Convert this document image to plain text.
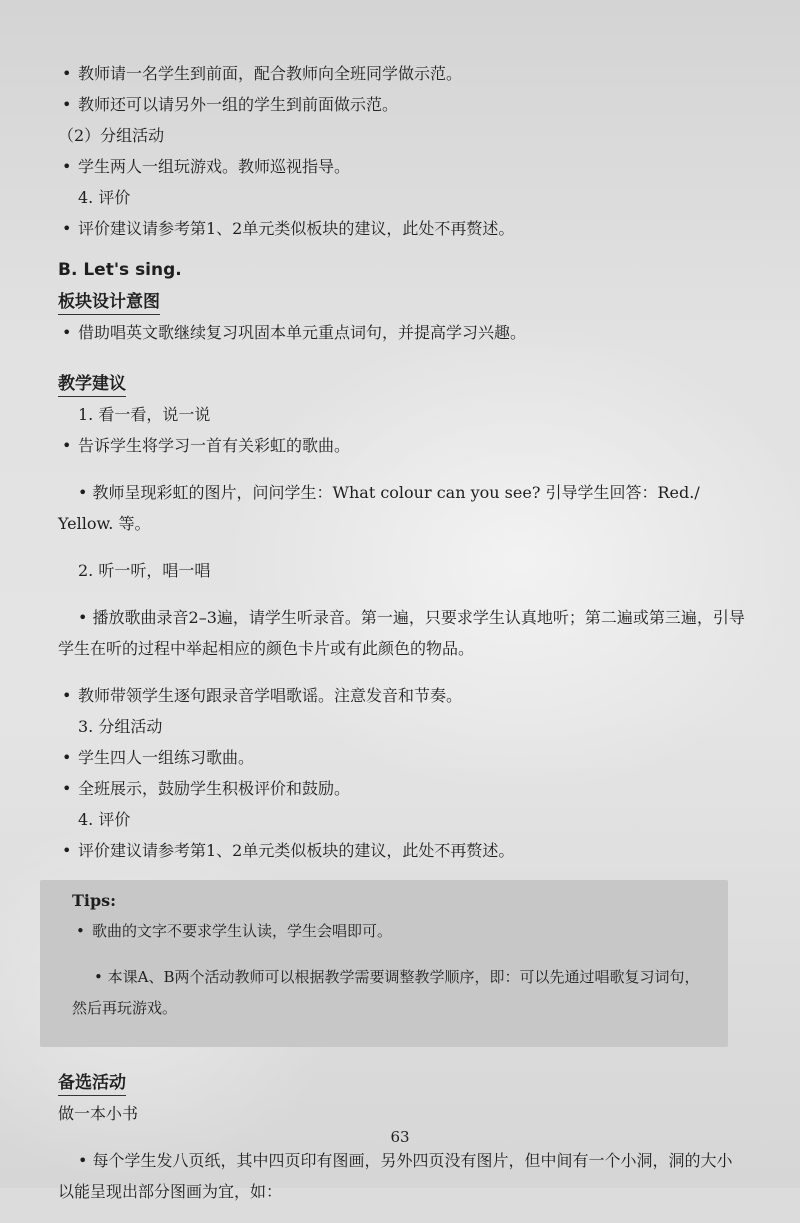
• 教师请一名学生到前面，配合教师向全班同学做示范。

• 教师还可以请另外一组的学生到前面做示范。

（2）分组活动

• 学生两人一组玩游戏。教师巡视指导。

4. 评价

• 评价建议请参考第1、2单元类似板块的建议，此处不再赘述。

B. Let's sing.

板块设计意图

• 借助唱英文歌继续复习巩固本单元重点词句，并提高学习兴趣。

教学建议

1. 看一看，说一说

• 告诉学生将学习一首有关彩虹的歌曲。

• 教师呈现彩虹的图片，问问学生：What colour can you see? 引导学生回答：Red./ Yellow. 等。

2. 听一听，唱一唱

• 播放歌曲录音2–3遍，请学生听录音。第一遍，只要求学生认真地听；第二遍或第三遍，引导学生在听的过程中举起相应的颜色卡片或有此颜色的物品。

• 教师带领学生逐句跟录音学唱歌谣。注意发音和节奏。

3. 分组活动

• 学生四人一组练习歌曲。

• 全班展示，鼓励学生积极评价和鼓励。

4. 评价

• 评价建议请参考第1、2单元类似板块的建议，此处不再赘述。

Tips:

• 歌曲的文字不要求学生认读，学生会唱即可。

• 本课A、B两个活动教师可以根据教学需要调整教学顺序，即：可以先通过唱歌复习词句，然后再玩游戏。

备选活动

做一本小书

• 每个学生发八页纸，其中四页印有图画，另外四页没有图片，但中间有一个小洞，洞的大小以能呈现出部分图画为宜，如：

63
